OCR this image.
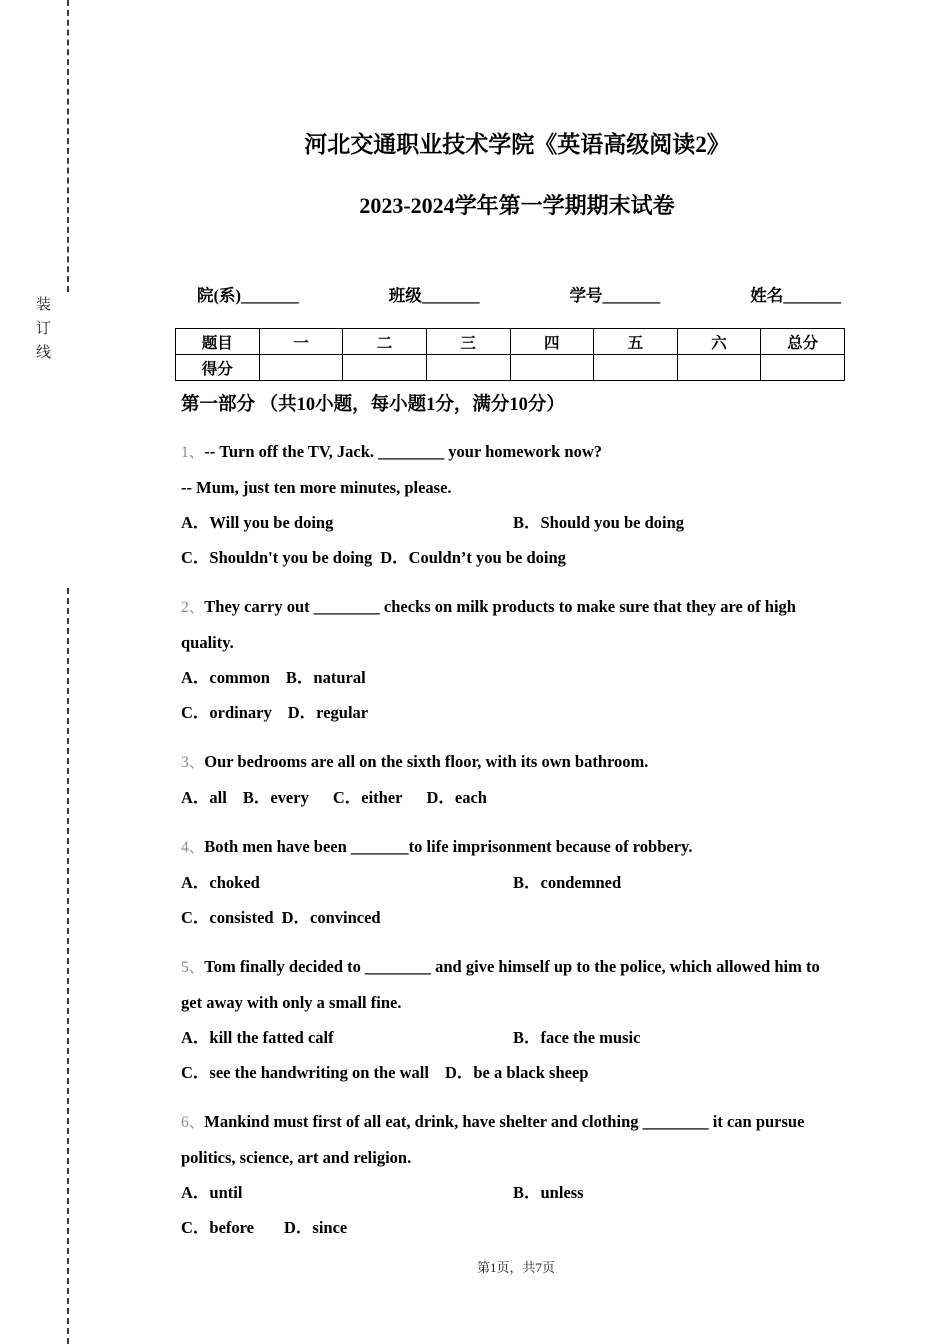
装订线
河北交通职业技术学院《英语高级阅读2》
2023-2024学年第一学期期末试卷
院(系)_______	班级_______	学号_______	姓名_______
题目	一	二	三	四	五	六	总分
得分							

第一部分 （共10小题，每小题1分，满分10分）

1、-- Turn off the TV, Jack. ________ your homework now?

-- Mum, just ten more minutes, please.

A．Will you be doing	B．Should you be doing

C．Shouldn't you be doing D．Couldn’t you be doing

2、They carry out ________ checks on milk products to make sure that they are of high

quality.

A．common B．natural

C．ordinary D．regular

3、Our bedrooms are all on the sixth floor, with its own bathroom.

A．all B．every C．either D．each

4、Both men have been _______to life imprisonment because of robbery.

A．choked	B．condemned

C．consisted D．convinced

5、Tom finally decided to ________ and give himself up to the police, which allowed him to

get away with only a small fine.

A．kill the fatted calf	B．face the music

C．see the handwriting on the wall D．be a black sheep

6、Mankind must first of all eat, drink, have shelter and clothing ________ it can pursue

politics, science, art and religion.

A．until	B．unless

C．before D．since

第1页，共7页
